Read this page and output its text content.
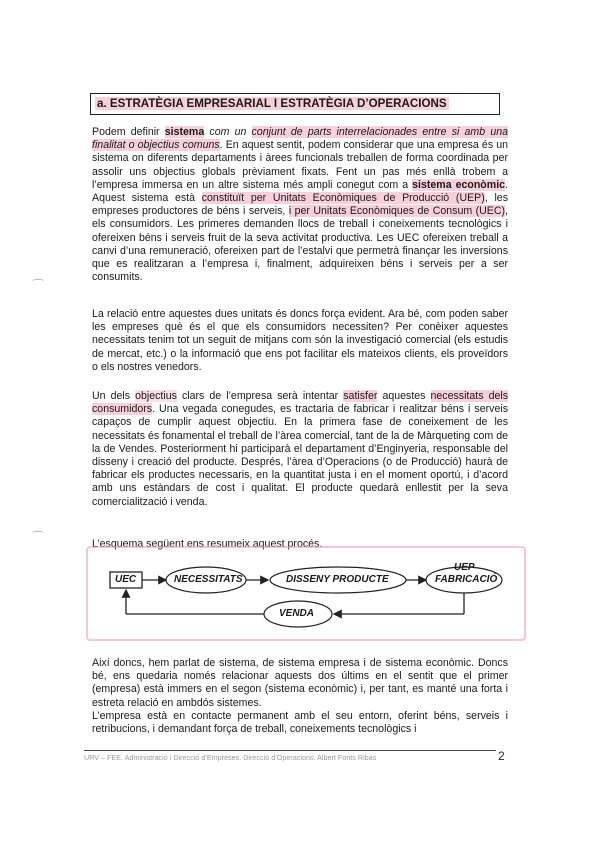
a. ESTRATÈGIA EMPRESARIAL I ESTRATÈGIA D’OPERACIONS

Podem definir sistema com un conjunt de parts interrelacionades entre si amb una finalitat o objectius comuns. En aquest sentit, podem considerar que una empresa és un sistema on diferents departaments i àrees funcionals treballen de forma coordinada per assolir uns objectius globals prèviament fixats. Fent un pas més enllà trobem a l’empresa immersa en un altre sistema més ampli conegut com a sistema econòmic. Aquest sistema està constituït per Unitats Econòmiques de Producció (UEP), les empreses productores de béns i serveis, i per Unitats Econòmiques de Consum (UEC), els consumidors. Les primeres demanden llocs de treball i coneixements tecnològics i ofereixen béns i serveis fruit de la seva activitat productiva. Les UEC ofereixen treball a canvi d’una remuneració, ofereixen part de l’estalvi que permetrà finançar les inversions que es realitzaran a l’empresa i, finalment, adquireixen béns i serveis per a ser consumits.

La relació entre aquestes dues unitats és doncs força evident. Ara bé, com poden saber les empreses què és el que els consumidors necessiten? Per conèixer aquestes necessitats tenim tot un seguit de mitjans com són la investigació comercial (els estudis de mercat, etc.) o la informació que ens pot facilitar els mateixos clients, els proveïdors o els nostres venedors.

Un dels objectius clars de l’empresa serà intentar satisfer aquestes necessitats dels consumidors. Una vegada conegudes, es tractaria de fabricar i realitzar béns i serveis capaços de cumplir aquest objectiu. En la primera fase de coneixement de les necessitats és fonamental el treball de l’àrea comercial, tant de la de Màrqueting com de la de Vendes. Posteriorment hi participarà el departament d’Enginyeria, responsable del disseny i creació del producte. Després, l’àrea d’Operacions (o de Producció) haurà de fabricar els productes necessaris, en la quantitat justa i en el moment oportú, i d’acord amb uns estàndars de cost i qualitat. El producte quedarà enllestit per la seva comercialització i venda.

L’esquema següent ens resumeix aquest procés.

UEC	NECESSITATS	DISSENY PRODUCTE
UEP
FABRICACIÓ
VENDA

Així doncs, hem parlat de sistema, de sistema empresa i de sistema econòmic. Doncs bé, ens quedaria només relacionar aquests dos últims en el sentit que el primer (empresa) està immers en el segon (sistema econòmic) i, per tant, es manté una forta i estreta relació en ambdós sistemes.

L’empresa està en contacte permanent amb el seu entorn, oferint béns, serveis i retribucions, i demandant força de treball, coneixements tecnològics i

URV – FEE. Administració i Direcció d’Empreses. Direcció d’Operacions. Albert Fonts Ribas	2
⌒
⌒
